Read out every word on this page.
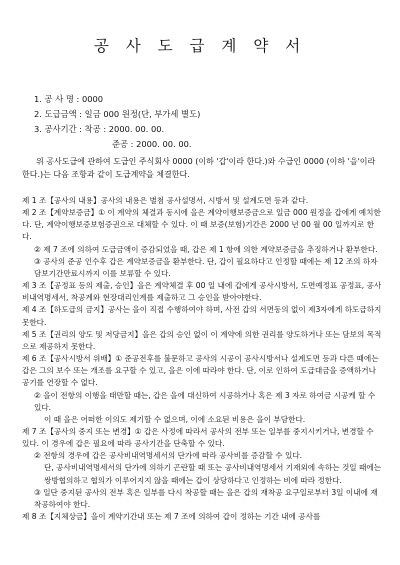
공 사 도 급 계 약 서
1. 공 사 명 : 0000
2. 도급금액 : 일금 000 원정(단, 부가세 별도)
3. 공사기간 : 착공 : 2000. 00. 00.
준공 : 2000. 00. 00.
위 공사도급에 관하여 도급인 주식회사 0000 (이하 '갑'이라 한다.)와 수급인 0000 (이하 '을'이라 한다.)는 다음 조항과 같이 도급계약을 체결한다.

제 1 조【공사의 내용】공사의 내용은 별첨 공사설명서, 시방서 및 설계도면 등과 같다.

제 2 조【계약보증금】① 이 계약의 체결과 동시에 을은 계약이행보증금으로 일금 000 원정을 갑에게 예치한다. 단, 계약이행보증보험증권으로 대체할 수 있다. 이 때 보증(보험)기간은 2000 년 00 월 00 일까지로 한다.

② 제 7 조에 의하여 도급금액이 증감되었을 때, 갑은 제 1 항에 의한 계약보증금을 추징하거나 환부한다.

③ 공사의 준공 인수후 갑은 계약보증금을 환부한다. 단, 갑이 필요하다고 인정할 때에는 제 12 조의 하자담보기간만료시까지 이를 보류할 수 있다.

제 3 조【공정표 등의 제출, 승인】을은 계약체결 후 00 일 내에 갑에게 공사시방서, 도면예정표 공정표, 공사비내역명세서, 착공계와 현장대리인계를 제출하고 그 승인을 받아야한다.

제 4 조【하도급의 금지】공사는 을이 직접 수행하여야 하며, 사전 갑의 서면동의 없이 제3자에게 하도급하지 못한다.

제 5 조【권리의 양도 및 저당금지】을은 갑의 승인 없이 이 계약에 의한 권리를 양도하거나 또는 담보의 목적으로 제공하지 못한다.

제 6 조【공사시방서 위배】① 준공전후를 불문하고 공사의 시공이 공사시방서나 설계도면 등과 다른 때에는 갑은 그의 보수 또는 개조를 요구할 수 있고, 을은 이에 따라야 한다. 단, 이로 인하여 도급대금을 증액하거나 공기를 연장할 수 없다.

② 을이 전항의 이행을 태만할 때는, 갑은 을에 대신하여 시공하거나 혹은 제 3 자로 하여금 시공케 할 수 있다.

이 때 을은 어떠한 이의도 제기할 수 없으며, 이에 소요된 비용은 을이 부담한다.

제 7 조【공사의 중지 또는 변경】① 갑은 사정에 따라서 공사의 전부 또는 일부를 중지시키거나, 변경할 수 있다. 이 경우에 갑은 필요에 따라 공사기간을 단축할 수 있다.

② 전항의 경우에 갑은 공사비내역명세서의 단가에 따라 공사비를 증감할 수 있다.

단, 공사비내역명세서의 단가에 의하기 곤란할 때 또는 공사비내역명세서 기재외에 속하는 것일 때에는 쌍방협의하고 협의가 이루어지지 않을 때에는 갑이 상당하다고 인정하는 비에 따라 정한다.

③ 일단 중지된 공사의 전부 혹은 일부를 다시 착공할 때는 을은 갑의 재착공 요구일로부터 3일 이내에 재착공하여야 한다.

제 8 조【지체상금】을이 계약기간내 또는 제 7 조에 의하여 갑이 정하는 기간 내에 공사를
